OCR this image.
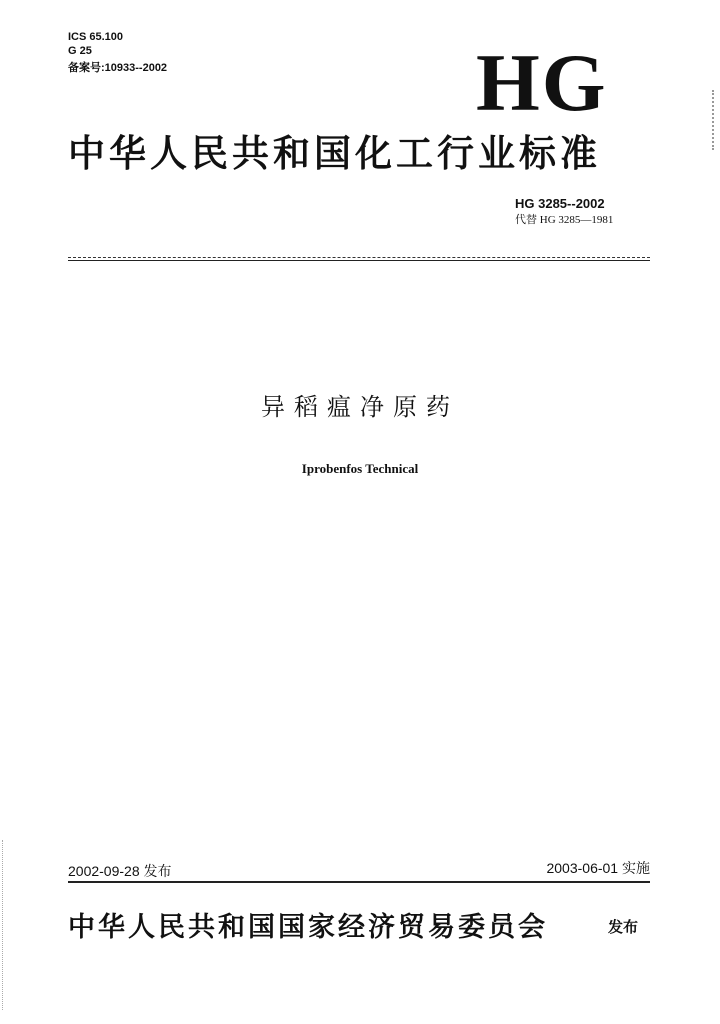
ICS 65.100
G 25
备案号:10933--2002	HG
中华人民共和国化工行业标准
HG 3285--2002
代替 HG 3285—1981
异稻瘟净原药
Iprobenfos Technical
2002-09-28 发布	2003-06-01 实施
中华人民共和国国家经济贸易委员会	发布
